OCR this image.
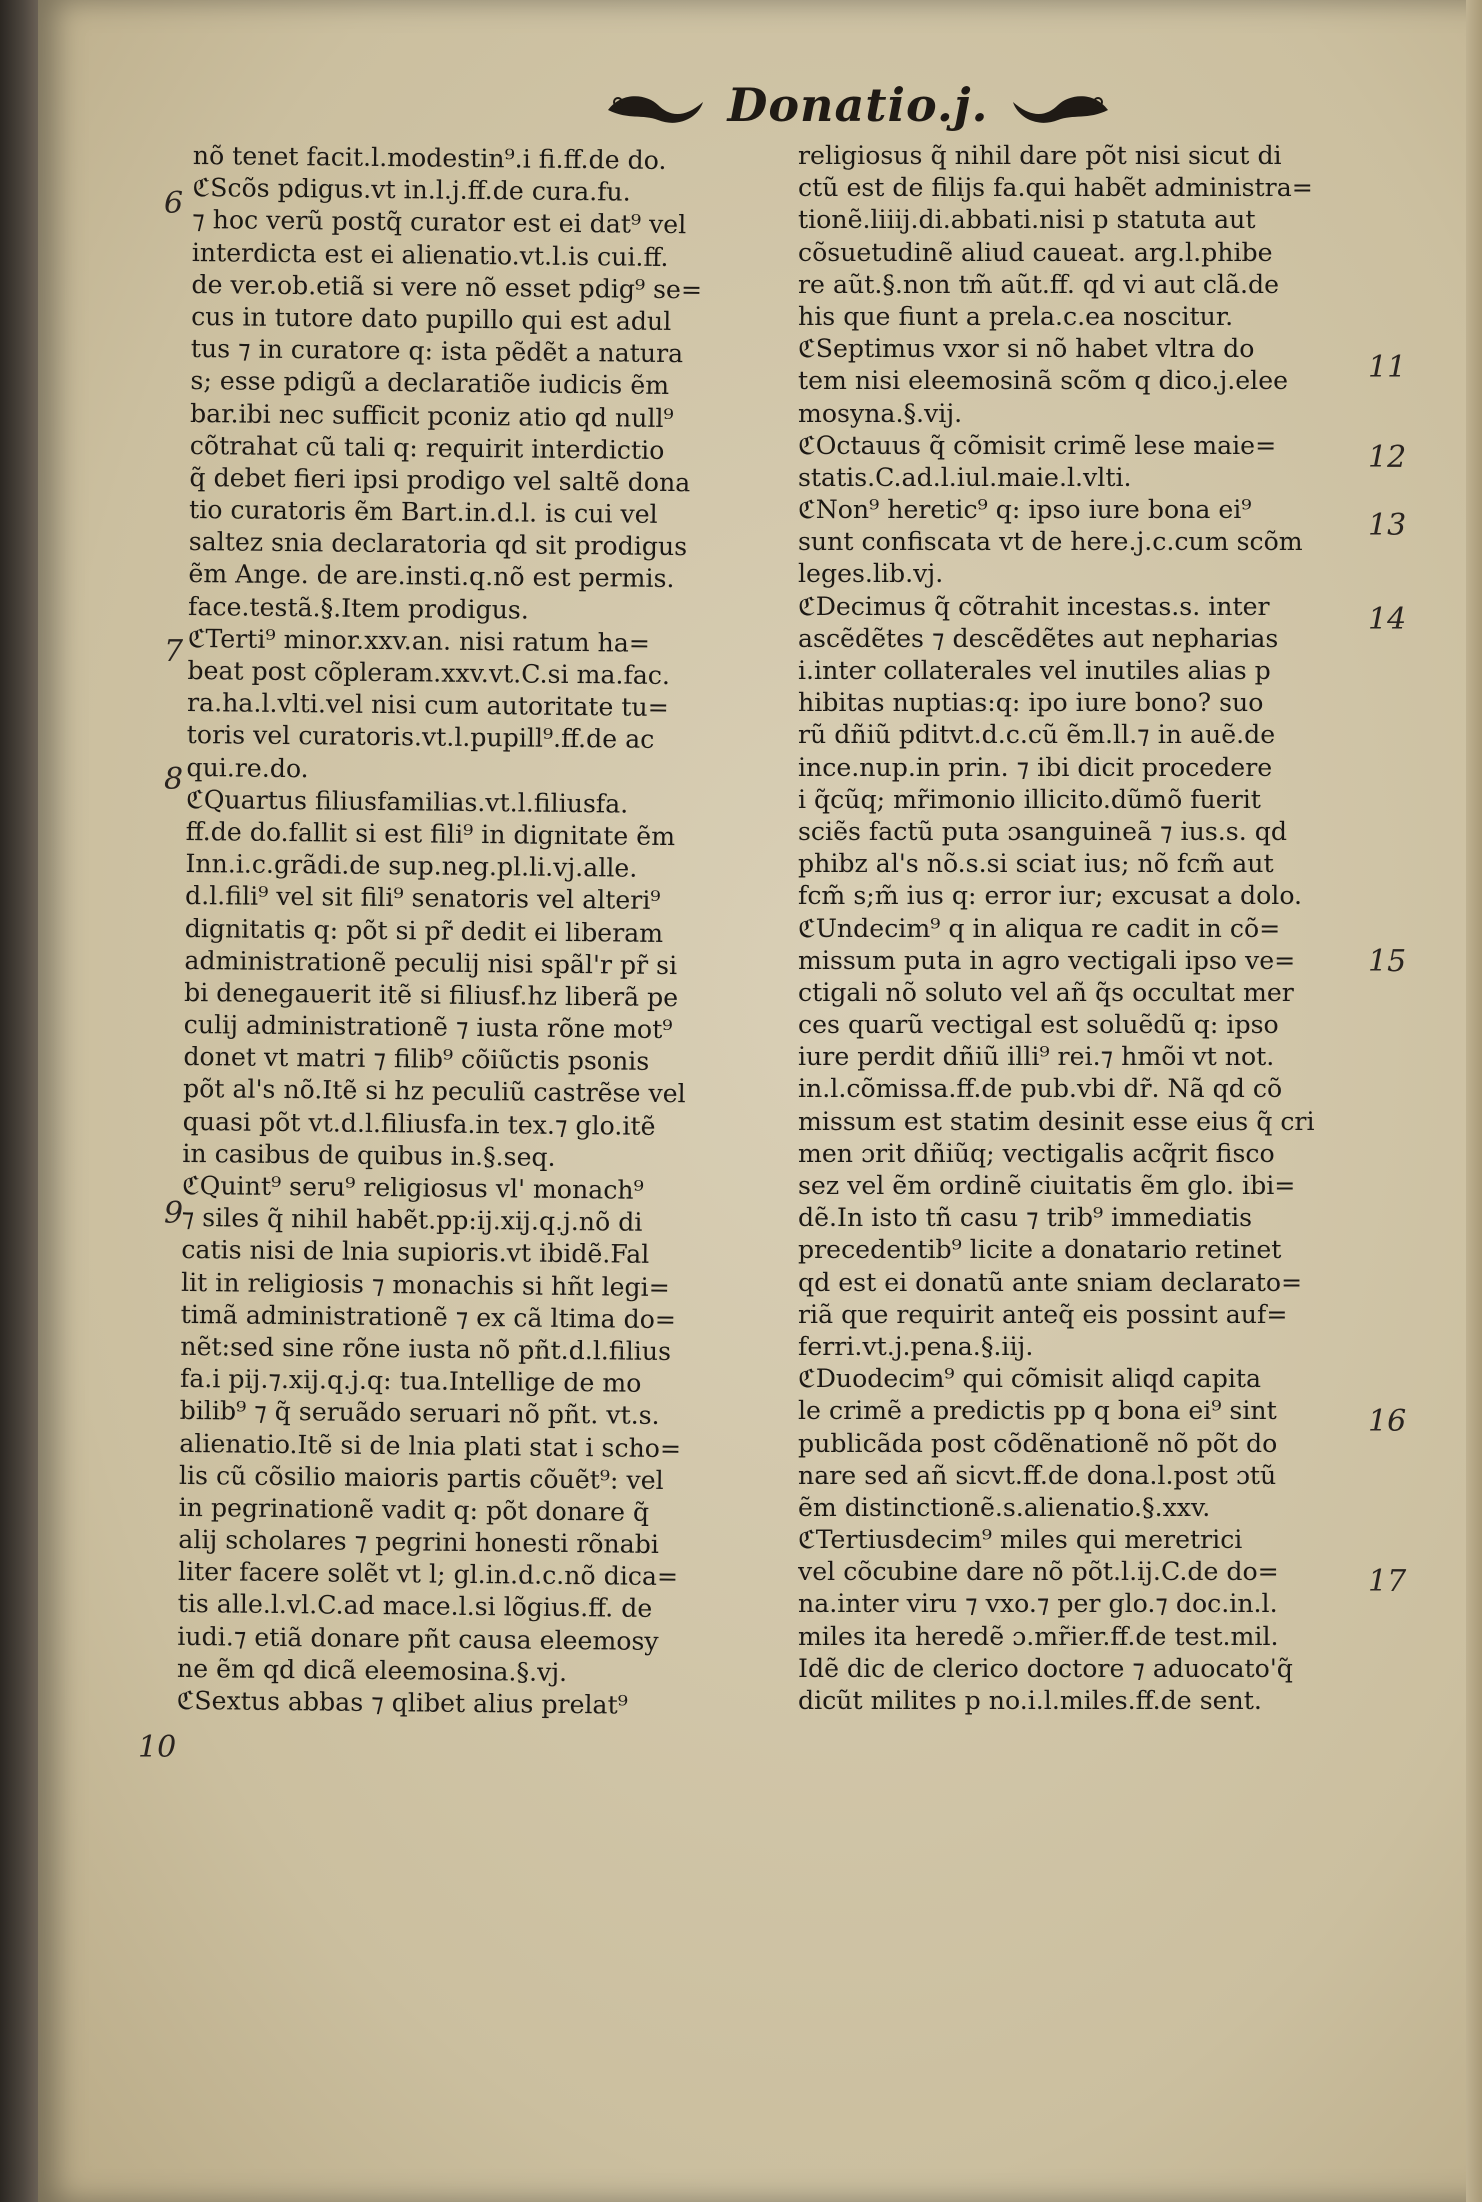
Donatio.j.
nõ tenet facit.l.modestin⁹.i fi.ff.de do.
ℭScõs pdigus.vt in.l.j.ff.de cura.fu.
⁊ hoc verũ postq̃ curator est ei dat⁹ vel
interdicta est ei alienatio.vt.l.is cui.ff.
de ver.ob.etiã si vere nõ esset pdig⁹ se=
cus in tutore dato pupillo qui est adul
tus ⁊ in curatore q: ista pẽdẽt a natura
s; esse pdigũ a declaratiõe iudicis ẽm
bar.ibi nec sufficit pconiz atio qd null⁹
cõtrahat cũ tali q: requirit interdictio
q̃ debet fieri ipsi prodigo vel saltẽ dona
tio curatoris ẽm Bart.in.d.l. is cui vel
saltez snia declaratoria qd sit prodigus
ẽm Ange. de are.insti.q.nõ est permis.
face.testã.§.Item prodigus.
ℭTerti⁹ minor.xxv.an. nisi ratum ha=
beat post cõpleram.xxv.vt.C.si ma.fac.
ra.ha.l.vlti.vel nisi cum autoritate tu=
toris vel curatoris.vt.l.pupill⁹.ff.de ac
qui.re.do.
ℭQuartus filiusfamilias.vt.l.filiusfa.
ff.de do.fallit si est fili⁹ in dignitate ẽm
Inn.i.c.grãdi.de sup.neg.pl.li.vj.alle.
d.l.fili⁹ vel sit fili⁹ senatoris vel alteri⁹
dignitatis q: põt si pr̃ dedit ei liberam
administrationẽ peculij nisi spãl'r pr̃ si
bi denegauerit itẽ si filiusf.hz liberã pe
culij administrationẽ ⁊ iusta rõne mot⁹
donet vt matri ⁊ filib⁹ cõiũctis psonis
põt al's nõ.Itẽ si hz peculiũ castrẽse vel
quasi põt vt.d.l.filiusfa.in tex.⁊ glo.itẽ
in casibus de quibus in.§.seq.
ℭQuint⁹ seru⁹ religiosus vl' monach⁹
⁊ siles q̃ nihil habẽt.pp:ij.xij.q.j.nõ di
catis nisi de lnia supioris.vt ibidẽ.Fal
lit in religiosis ⁊ monachis si hñt legi=
timã administrationẽ ⁊ ex cã ltima do=
nẽt:sed sine rõne iusta nõ pñt.d.l.filius
fa.i pij.⁊.xij.q.j.q: tua.Intellige de mo
bilib⁹ ⁊ q̃ seruãdo seruari nõ pñt. vt.s.
alienatio.Itẽ si de lnia plati stat i scho=
lis cũ cõsilio maioris partis cõuẽt⁹: vel
in pegrinationẽ vadit q: põt donare q̃
alij scholares ⁊ pegrini honesti rõnabi
liter facere solẽt vt l; gl.in.d.c.nõ dica=
tis alle.l.vl.C.ad mace.l.si lõgius.ff. de
iudi.⁊ etiã donare pñt causa eleemosy
ne ẽm qd dicã eleemosina.§.vj.
ℭSextus abbas ⁊ qlibet alius prelat⁹
religiosus q̃ nihil dare põt nisi sicut di
ctũ est de filijs fa.qui habẽt administra=
tionẽ.liiij.di.abbati.nisi p statuta aut
cõsuetudinẽ aliud caueat. arg.l.phibe
re aũt.§.non tm̃ aũt.ff. qd vi aut clã.de
his que fiunt a prela.c.ea noscitur.
ℭSeptimus vxor si nõ habet vltra do
tem nisi eleemosinã scõm q dico.j.elee
mosyna.§.vij.
ℭOctauus q̃ cõmisit crimẽ lese maie=
statis.C.ad.l.iul.maie.l.vlti.
ℭNon⁹ heretic⁹ q: ipso iure bona ei⁹
sunt confiscata vt de here.j.c.cum scõm
leges.lib.vj.
ℭDecimus q̃ cõtrahit incestas.s. inter
ascẽdẽtes ⁊ descẽdẽtes aut nepharias
i.inter collaterales vel inutiles alias p
hibitas nuptias:q: ipo iure bono? suo
rũ dñiũ pditvt.d.c.cũ ẽm.ll.⁊ in auẽ.de
ince.nup.in prin. ⁊ ibi dicit procedere
i q̃cũq; mr̃imonio illicito.dũmõ fuerit
sciẽs factũ puta ɔsanguineã ⁊ ius.s. qd
phibz al's nõ.s.si sciat ius; nõ fcm̃ aut
fcm̃ s;m̃ ius q: error iur; excusat a dolo.
ℭUndecim⁹ q in aliqua re cadit in cõ=
missum puta in agro vectigali ipso ve=
ctigali nõ soluto vel añ q̃s occultat mer
ces quarũ vectigal est soluẽdũ q: ipso
iure perdit dñiũ illi⁹ rei.⁊ hmõi vt not.
in.l.cõmissa.ff.de pub.vbi dr̃. Nã qd cõ
missum est statim desinit esse eius q̃ cri
men ɔrit dñiũq; vectigalis acq̃rit fisco
sez vel ẽm ordinẽ ciuitatis ẽm glo. ibi=
dẽ.In isto tñ casu ⁊ trib⁹ immediatis
precedentib⁹ licite a donatario retinet
qd est ei donatũ ante sniam declarato=
riã que requirit anteq̃ eis possint auf=
ferri.vt.j.pena.§.iij.
ℭDuodecim⁹ qui cõmisit aliqd capita
le crimẽ a predictis pp q bona ei⁹ sint
publicãda post cõdẽnationẽ nõ põt do
nare sed añ sicvt.ff.de dona.l.post ɔtũ
ẽm distinctionẽ.s.alienatio.§.xxv.
ℭTertiusdecim⁹ miles qui meretrici
vel cõcubine dare nõ põt.l.ij.C.de do=
na.inter viru ⁊ vxo.⁊ per glo.⁊ doc.in.l.
miles ita heredẽ ɔ.mr̃ier.ff.de test.mil.
Idẽ dic de clerico doctore ⁊ aduocato'q̃
dicũt milites p no.i.l.miles.ff.de sent.
6
7
8
9
10
11
12
13
14
15
16
17
